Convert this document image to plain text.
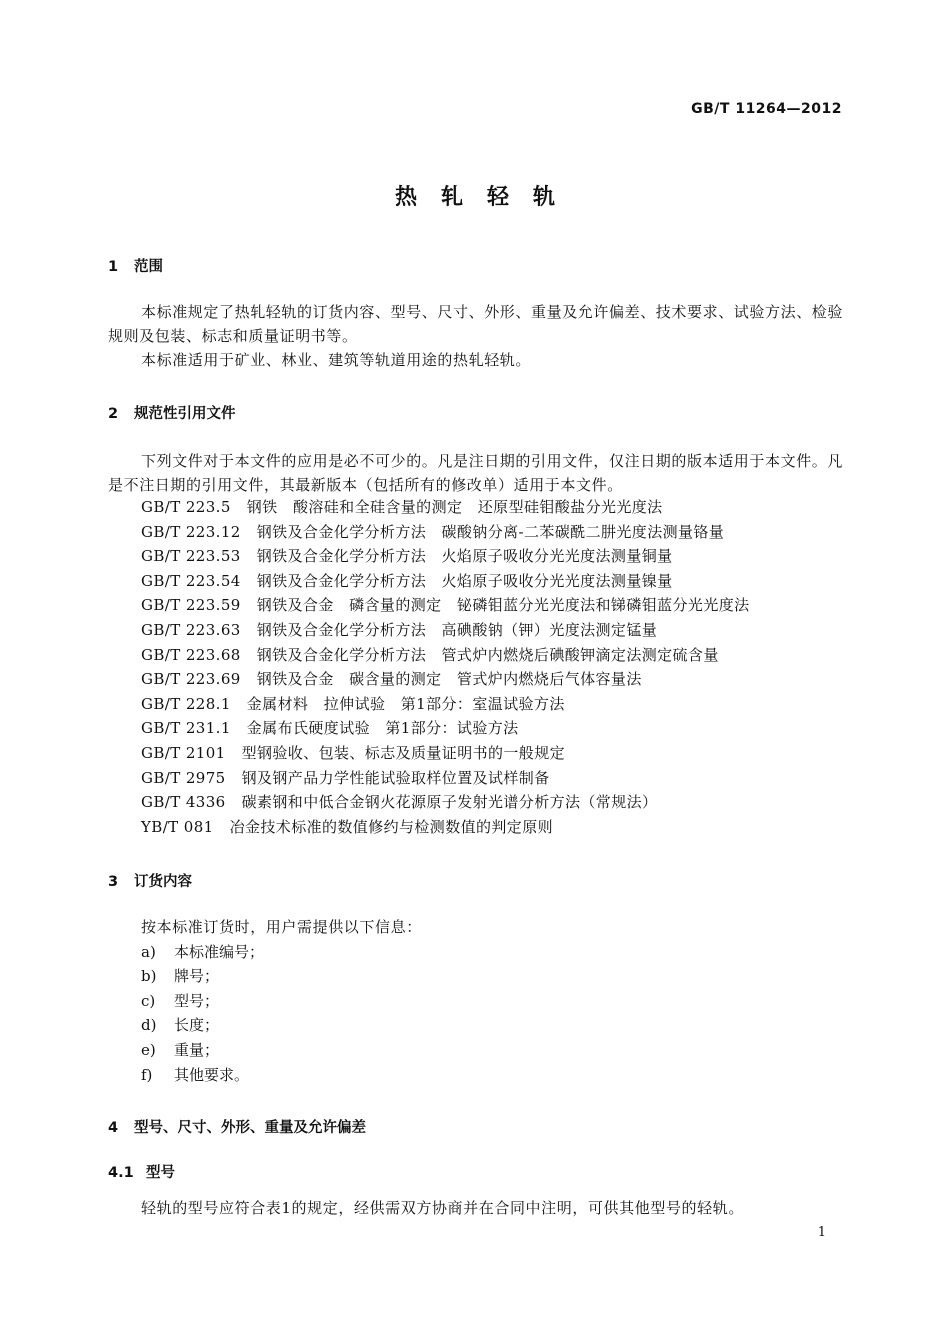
GB/T 11264—2012
热轧轻轨
1 范围
本标准规定了热轧轻轨的订货内容、型号、尺寸、外形、重量及允许偏差、技术要求、试验方法、检验规则及包装、标志和质量证明书等。
本标准适用于矿业、林业、建筑等轨道用途的热轧轻轨。
2 规范性引用文件
下列文件对于本文件的应用是必不可少的。凡是注日期的引用文件，仅注日期的版本适用于本文件。凡是不注日期的引用文件，其最新版本（包括所有的修改单）适用于本文件。
GB/T 223.5 钢铁　酸溶硅和全硅含量的测定　还原型硅钼酸盐分光光度法
GB/T 223.12 钢铁及合金化学分析方法　碳酸钠分离-二苯碳酰二肼光度法测量铬量
GB/T 223.53 钢铁及合金化学分析方法　火焰原子吸收分光光度法测量铜量
GB/T 223.54 钢铁及合金化学分析方法　火焰原子吸收分光光度法测量镍量
GB/T 223.59 钢铁及合金　磷含量的测定　铋磷钼蓝分光光度法和锑磷钼蓝分光光度法
GB/T 223.63 钢铁及合金化学分析方法　高碘酸钠（钾）光度法测定锰量
GB/T 223.68 钢铁及合金化学分析方法　管式炉内燃烧后碘酸钾滴定法测定硫含量
GB/T 223.69 钢铁及合金　碳含量的测定　管式炉内燃烧后气体容量法
GB/T 228.1 金属材料　拉伸试验　第1部分：室温试验方法
GB/T 231.1 金属布氏硬度试验　第1部分：试验方法
GB/T 2101 型钢验收、包装、标志及质量证明书的一般规定
GB/T 2975 钢及钢产品力学性能试验取样位置及试样制备
GB/T 4336 碳素钢和中低合金钢火花源原子发射光谱分析方法（常规法）
YB/T 081 冶金技术标准的数值修约与检测数值的判定原则
3 订货内容
按本标准订货时，用户需提供以下信息：
a) 本标准编号；
b) 牌号；
c) 型号；
d) 长度；
e) 重量；
f) 其他要求。
4 型号、尺寸、外形、重量及允许偏差
4.1 型号
轻轨的型号应符合表1的规定，经供需双方协商并在合同中注明，可供其他型号的轻轨。
1
